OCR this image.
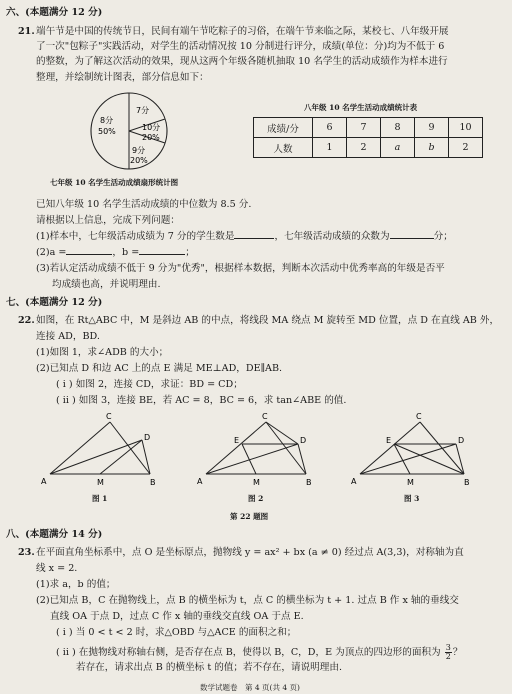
六、(本题满分 12 分)
21. 端午节是中国的传统节日，民间有端午节吃粽子的习俗，在端午节来临之际，某校七、八年级开展
了一次"包粽子"实践活动，对学生的活动情况按 10 分制进行评分，成绩(单位：分)均为不低于 6
的整数，为了解这次活动的效果，现从这两个年级各随机抽取 10 名学生的活动成绩作为样本进行
整理，并绘制统计图表，部分信息如下：
8分
50%
7分
10分
20%
9分
20%
七年级 10 名学生活动成绩扇形统计图
八年级 10 名学生活动成绩统计表
成绩/分	6	7	8	9	10
人数	1	2	a	b	2
已知八年级 10 名学生活动成绩的中位数为 8.5 分.
请根据以上信息，完成下列问题：
(1)样本中，七年级活动成绩为 7 分的学生数是	，七年级活动成绩的众数为	分；
(2)a =	，b =	；
(3)若认定活动成绩不低于 9 分为"优秀"，根据样本数据，判断本次活动中优秀率高的年级是否平
均成绩也高，并说明理由.
七、(本题满分 12 分)
22. 如图，在 Rt△ABC 中，M 是斜边 AB 的中点，将线段 MA 绕点 M 旋转至 MD 位置，点 D 在直线 AB 外，
连接 AD，BD.
(1)如图 1，求∠ADB 的大小；
(2)已知点 D 和边 AC 上的点 E 满足 ME⊥AD，DE∥AB.
( i ) 如图 2，连接 CD，求证：BD = CD；
( ii ) 如图 3，连接 BE，若 AC = 8，BC = 6，求 tan∠ABE 的值.
C
D
A	M	B
图 1
C
E	D
A	M	B
图 2
C
E	D
A	M	B
图 3
第 22 题图
八、(本题满分 14 分)
23. 在平面直角坐标系中，点 O 是坐标原点，抛物线 y = ax² + bx (a ≠ 0) 经过点 A(3,3)，对称轴为直
线 x = 2.
(1)求 a，b 的值；
(2)已知点 B，C 在抛物线上，点 B 的横坐标为 t，点 C 的横坐标为 t + 1. 过点 B 作 x 轴的垂线交
直线 OA 于点 D，过点 C 作 x 轴的垂线交直线 OA 于点 E.
( i ) 当 0 < t < 2 时，求△OBD 与△ACE 的面积之和；
( ii ) 在抛物线对称轴右侧，是否存在点 B，使得以 B，C，D，E 为顶点的四边形的面积为 $\frac{3}{2}$ ？
若存在，请求出点 B 的横坐标 t 的值；若不存在，请说明理由.
数学试题卷　第 4 页(共 4 页)
